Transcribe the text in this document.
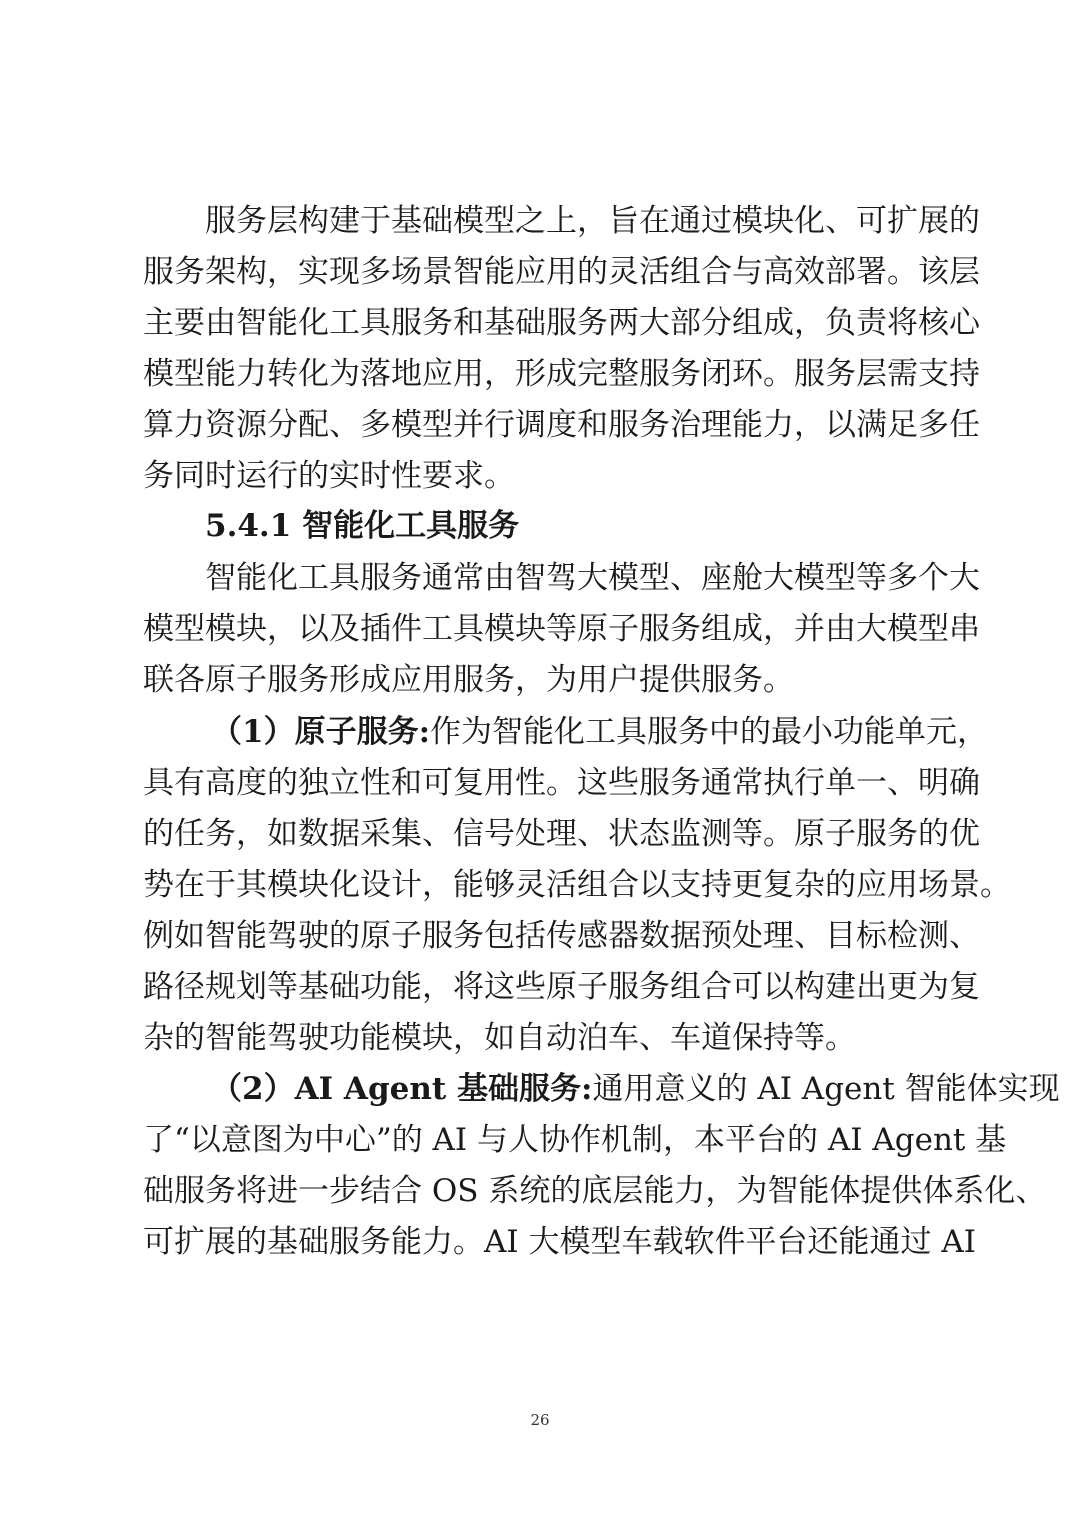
服务层构建于基础模型之上，旨在通过模块化、可扩展的
服务架构，实现多场景智能应用的灵活组合与高效部署。该层
主要由智能化工具服务和基础服务两大部分组成，负责将核心
模型能力转化为落地应用，形成完整服务闭环。服务层需支持
算力资源分配、多模型并行调度和服务治理能力，以满足多任
务同时运行的实时性要求。
5.4.1 智能化工具服务
智能化工具服务通常由智驾大模型、座舱大模型等多个大
模型模块，以及插件工具模块等原子服务组成，并由大模型串
联各原子服务形成应用服务，为用户提供服务。
（1）原子服务:作为智能化工具服务中的最小功能单元，
具有高度的独立性和可复用性。这些服务通常执行单一、明确
的任务，如数据采集、信号处理、状态监测等。原子服务的优
势在于其模块化设计，能够灵活组合以支持更复杂的应用场景。
例如智能驾驶的原子服务包括传感器数据预处理、目标检测、
路径规划等基础功能，将这些原子服务组合可以构建出更为复
杂的智能驾驶功能模块，如自动泊车、车道保持等。
（2）AI Agent 基础服务:通用意义的 AI Agent 智能体实现
了“以意图为中心”的 AI 与人协作机制，本平台的 AI Agent 基
础服务将进一步结合 OS 系统的底层能力，为智能体提供体系化、
可扩展的基础服务能力。AI 大模型车载软件平台还能通过 AI
26
